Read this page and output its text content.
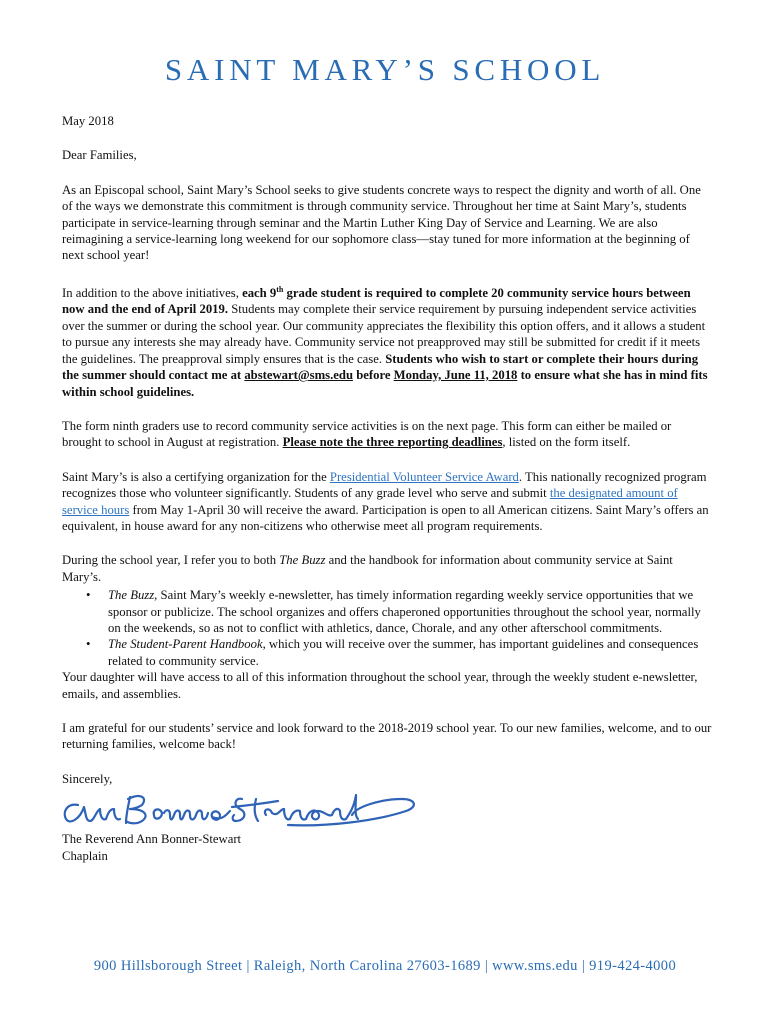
SAINT MARY’S SCHOOL

May 2018

Dear Families,

As an Episcopal school, Saint Mary’s School seeks to give students concrete ways to respect the dignity and worth of all. One of the ways we demonstrate this commitment is through community service. Throughout her time at Saint Mary’s, students participate in service-learning through seminar and the Martin Luther King Day of Service and Learning. We are also reimagining a service-learning long weekend for our sophomore class—stay tuned for more information at the beginning of next school year!

In addition to the above initiatives, each 9th grade student is required to complete 20 community service hours between now and the end of April 2019. Students may complete their service requirement by pursuing independent service activities over the summer or during the school year. Our community appreciates the flexibility this option offers, and it allows a student to pursue any interests she may already have. Community service not preapproved may still be submitted for credit if it meets the guidelines. The preapproval simply ensures that is the case. Students who wish to start or complete their hours during the summer should contact me at abstewart@sms.edu before Monday, June 11, 2018 to ensure what she has in mind fits within school guidelines.

The form ninth graders use to record community service activities is on the next page. This form can either be mailed or brought to school in August at registration. Please note the three reporting deadlines, listed on the form itself.

Saint Mary’s is also a certifying organization for the Presidential Volunteer Service Award. This nationally recognized program recognizes those who volunteer significantly. Students of any grade level who serve and submit the designated amount of service hours from May 1-April 30 will receive the award. Participation is open to all American citizens. Saint Mary’s offers an equivalent, in house award for any non-citizens who otherwise meet all program requirements.

During the school year, I refer you to both The Buzz and the handbook for information about community service at Saint Mary’s.

• The Buzz, Saint Mary’s weekly e-newsletter, has timely information regarding weekly service opportunities that we sponsor or publicize. The school organizes and offers chaperoned opportunities throughout the school year, normally on the weekends, so as not to conflict with athletics, dance, Chorale, and any other afterschool commitments.
• The Student-Parent Handbook, which you will receive over the summer, has important guidelines and consequences related to community service.

Your daughter will have access to all of this information throughout the school year, through the weekly student e-newsletter, emails, and assemblies.

I am grateful for our students’ service and look forward to the 2018-2019 school year. To our new families, welcome, and to our returning families, welcome back!

Sincerely,

The Reverend Ann Bonner-Stewart

Chaplain

900 Hillsborough Street | Raleigh, North Carolina 27603-1689 | www.sms.edu | 919-424-4000
